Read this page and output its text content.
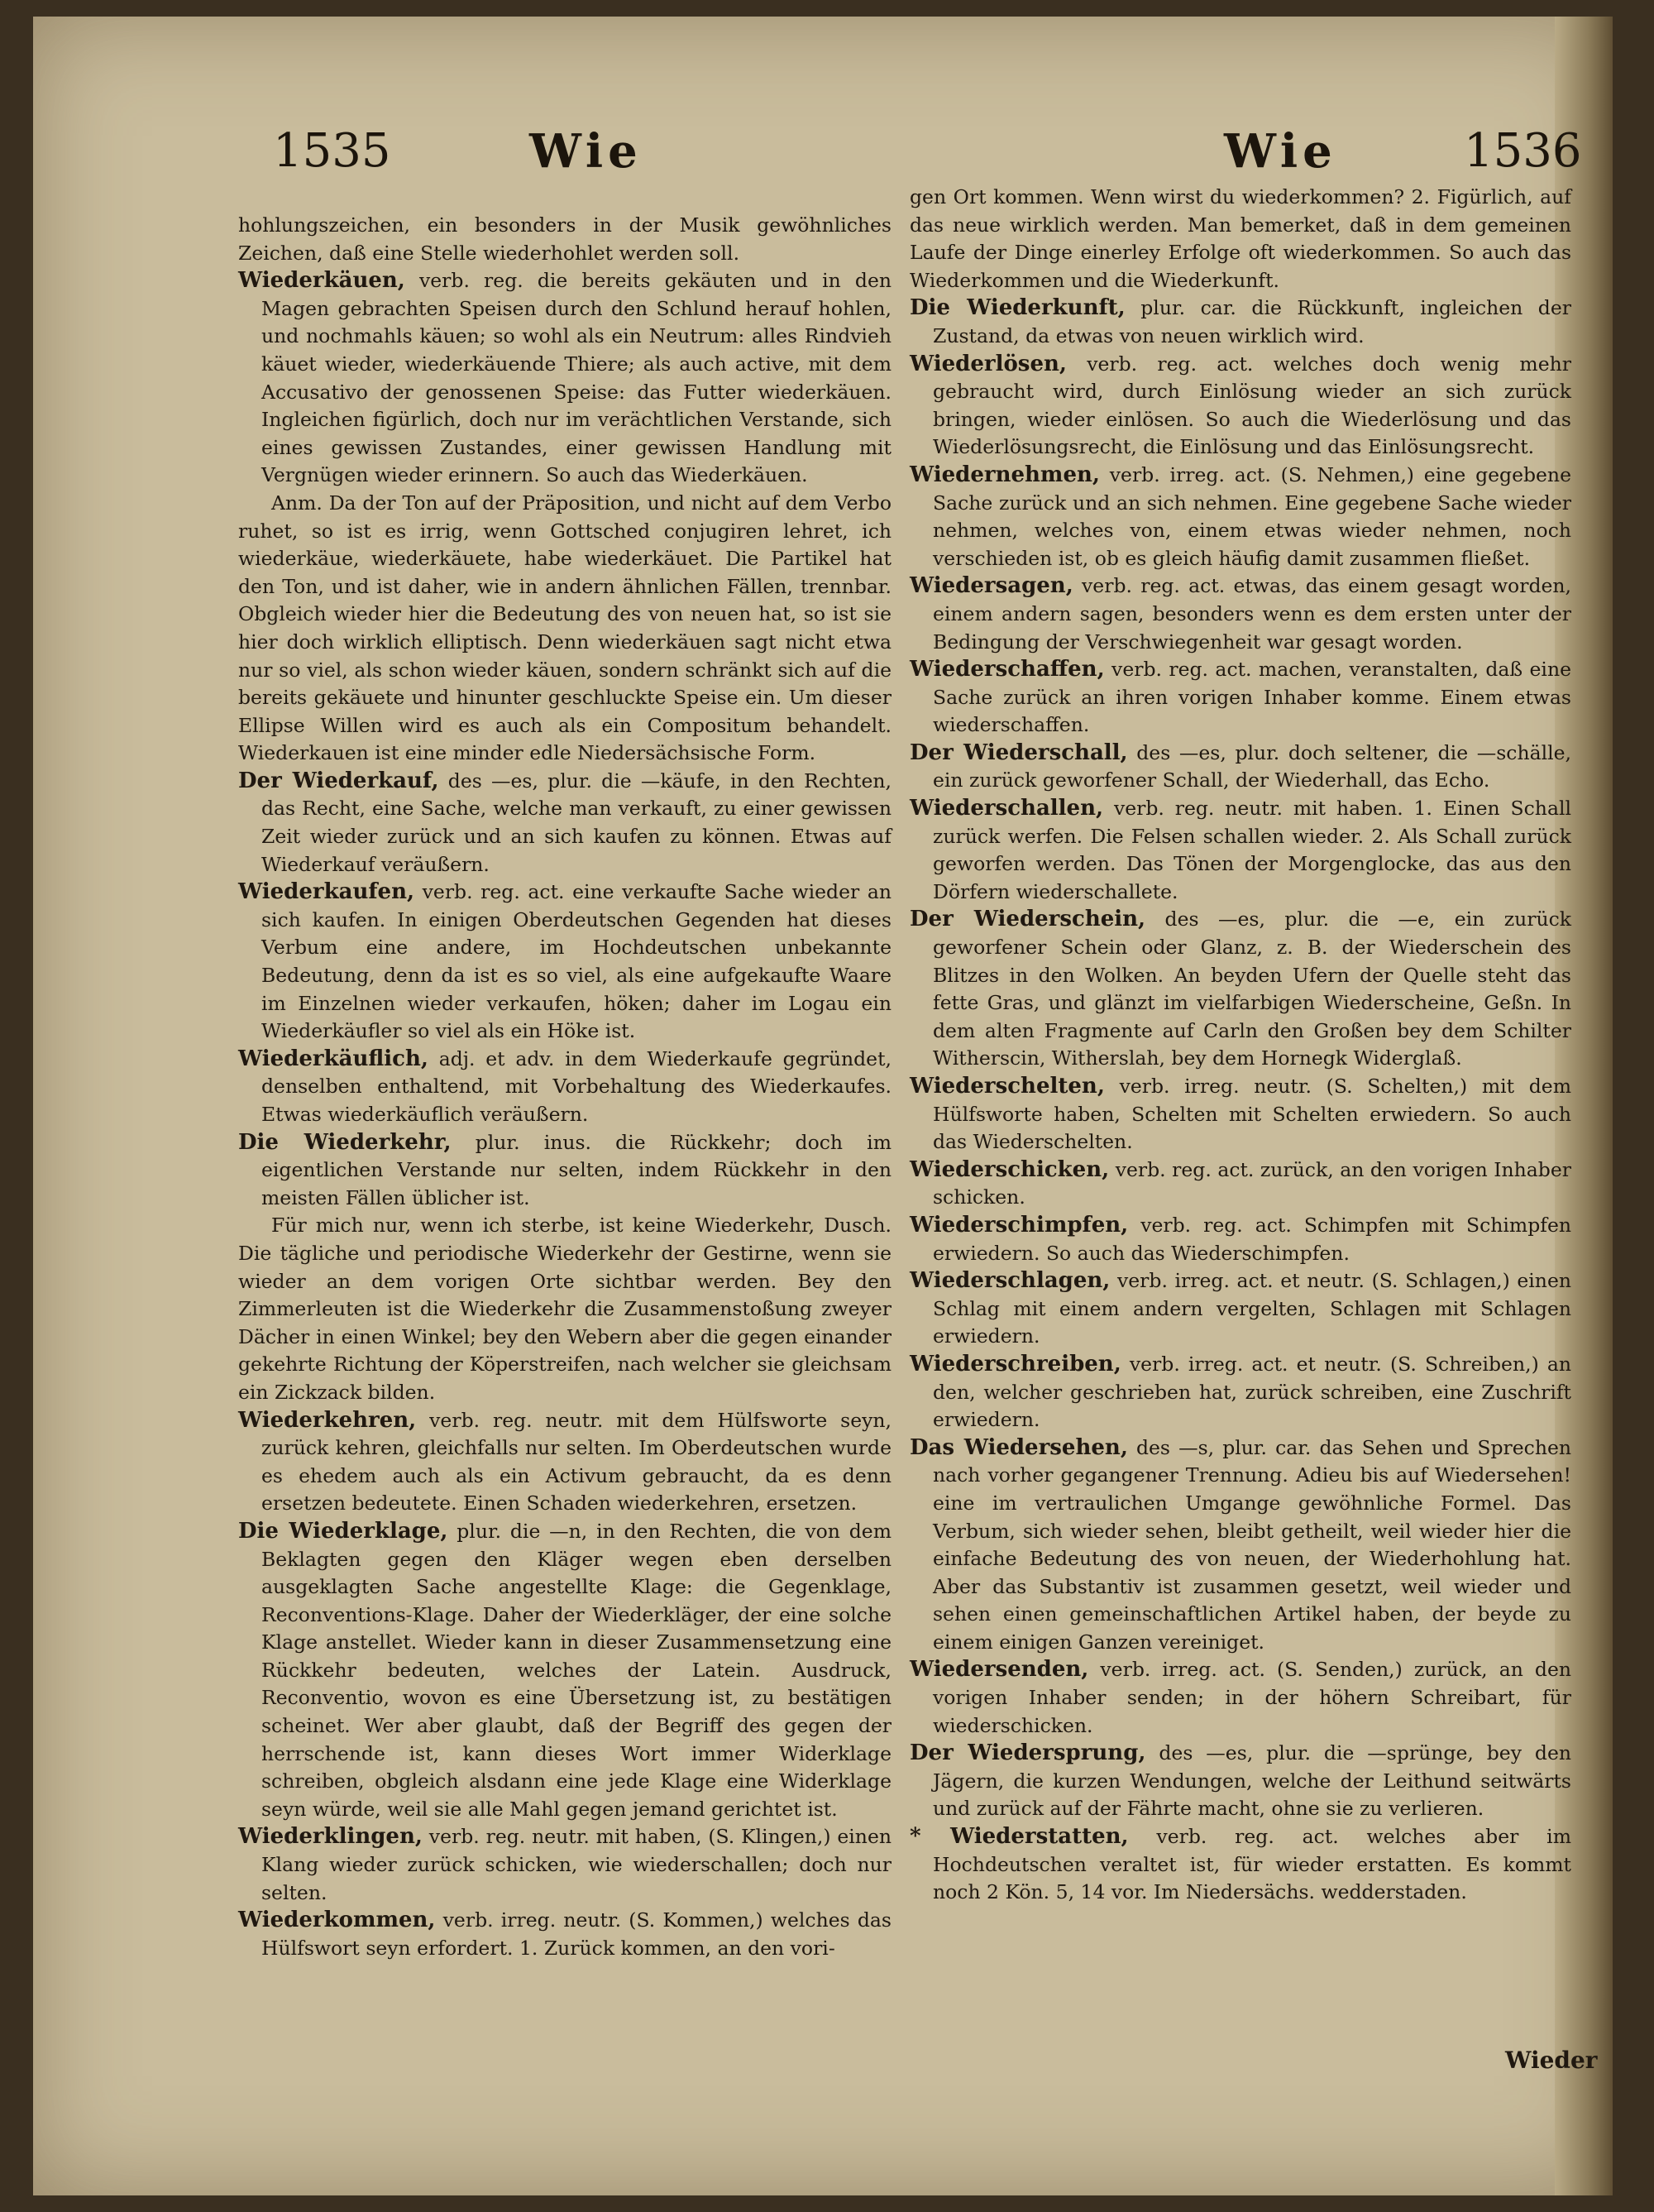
1535	Wie	Wie	1536

hohlungszeichen, ein besonders in der Musik gewöhnliches Zeichen, daß eine Stelle wiederhohlet werden soll.

Wiederkäuen, verb. reg. die bereits gekäuten und in den Magen gebrachten Speisen durch den Schlund herauf hohlen, und nochmahls käuen; so wohl als ein Neutrum: alles Rindvieh käuet wieder, wiederkäuende Thiere; als auch active, mit dem Accusativo der genossenen Speise: das Futter wiederkäuen. Ingleichen figürlich, doch nur im verächtlichen Verstande, sich eines gewissen Zustandes, einer gewissen Handlung mit Vergnügen wieder erinnern. So auch das Wiederkäuen.

Anm. Da der Ton auf der Präposition, und nicht auf dem Verbo ruhet, so ist es irrig, wenn Gottsched conjugiren lehret, ich wiederkäue, wiederkäuete, habe wiederkäuet. Die Partikel hat den Ton, und ist daher, wie in andern ähnlichen Fällen, trennbar. Obgleich wieder hier die Bedeutung des von neuen hat, so ist sie hier doch wirklich elliptisch. Denn wiederkäuen sagt nicht etwa nur so viel, als schon wieder käuen, sondern schränkt sich auf die bereits gekäuete und hinunter geschluckte Speise ein. Um dieser Ellipse Willen wird es auch als ein Compositum behandelt. Wiederkauen ist eine minder edle Niedersächsische Form.

Der Wiederkauf, des —es, plur. die —käufe, in den Rechten, das Recht, eine Sache, welche man verkauft, zu einer gewissen Zeit wieder zurück und an sich kaufen zu können. Etwas auf Wiederkauf veräußern.

Wiederkaufen, verb. reg. act. eine verkaufte Sache wieder an sich kaufen. In einigen Oberdeutschen Gegenden hat dieses Verbum eine andere, im Hochdeutschen unbekannte Bedeutung, denn da ist es so viel, als eine aufgekaufte Waare im Einzelnen wieder verkaufen, höken; daher im Logau ein Wiederkäufler so viel als ein Höke ist.

Wiederkäuflich, adj. et adv. in dem Wiederkaufe gegründet, denselben enthaltend, mit Vorbehaltung des Wiederkaufes. Etwas wiederkäuflich veräußern.

Die Wiederkehr, plur. inus. die Rückkehr; doch im eigentlichen Verstande nur selten, indem Rückkehr in den meisten Fällen üblicher ist.

Für mich nur, wenn ich sterbe, ist keine Wiederkehr, Dusch. Die tägliche und periodische Wiederkehr der Gestirne, wenn sie wieder an dem vorigen Orte sichtbar werden. Bey den Zimmerleuten ist die Wiederkehr die Zusammenstoßung zweyer Dächer in einen Winkel; bey den Webern aber die gegen einander gekehrte Richtung der Köperstreifen, nach welcher sie gleichsam ein Zickzack bilden.

Wiederkehren, verb. reg. neutr. mit dem Hülfsworte seyn, zurück kehren, gleichfalls nur selten. Im Oberdeutschen wurde es ehedem auch als ein Activum gebraucht, da es denn ersetzen bedeutete. Einen Schaden wiederkehren, ersetzen.

Die Wiederklage, plur. die —n, in den Rechten, die von dem Beklagten gegen den Kläger wegen eben derselben ausgeklagten Sache angestellte Klage: die Gegenklage, Reconventions-Klage. Daher der Wiederkläger, der eine solche Klage anstellet. Wieder kann in dieser Zusammensetzung eine Rückkehr bedeuten, welches der Latein. Ausdruck, Reconventio, wovon es eine Übersetzung ist, zu bestätigen scheinet. Wer aber glaubt, daß der Begriff des gegen der herrschende ist, kann dieses Wort immer Widerklage schreiben, obgleich alsdann eine jede Klage eine Widerklage seyn würde, weil sie alle Mahl gegen jemand gerichtet ist.

Wiederklingen, verb. reg. neutr. mit haben, (S. Klingen,) einen Klang wieder zurück schicken, wie wiederschallen; doch nur selten.

Wiederkommen, verb. irreg. neutr. (S. Kommen,) welches das Hülfswort seyn erfordert. 1. Zurück kommen, an den vori-

gen Ort kommen. Wenn wirst du wiederkommen? 2. Figürlich, auf das neue wirklich werden. Man bemerket, daß in dem gemeinen Laufe der Dinge einerley Erfolge oft wiederkommen. So auch das Wiederkommen und die Wiederkunft.

Die Wiederkunft, plur. car. die Rückkunft, ingleichen der Zustand, da etwas von neuen wirklich wird.

Wiederlösen, verb. reg. act. welches doch wenig mehr gebraucht wird, durch Einlösung wieder an sich zurück bringen, wieder einlösen. So auch die Wiederlösung und das Wiederlösungsrecht, die Einlösung und das Einlösungsrecht.

Wiedernehmen, verb. irreg. act. (S. Nehmen,) eine gegebene Sache zurück und an sich nehmen. Eine gegebene Sache wieder nehmen, welches von, einem etwas wieder nehmen, noch verschieden ist, ob es gleich häufig damit zusammen fließet.

Wiedersagen, verb. reg. act. etwas, das einem gesagt worden, einem andern sagen, besonders wenn es dem ersten unter der Bedingung der Verschwiegenheit war gesagt worden.

Wiederschaffen, verb. reg. act. machen, veranstalten, daß eine Sache zurück an ihren vorigen Inhaber komme. Einem etwas wiederschaffen.

Der Wiederschall, des —es, plur. doch seltener, die —schälle, ein zurück geworfener Schall, der Wiederhall, das Echo.

Wiederschallen, verb. reg. neutr. mit haben. 1. Einen Schall zurück werfen. Die Felsen schallen wieder. 2. Als Schall zurück geworfen werden. Das Tönen der Morgenglocke, das aus den Dörfern wiederschallete.

Der Wiederschein, des —es, plur. die —e, ein zurück geworfener Schein oder Glanz, z. B. der Wiederschein des Blitzes in den Wolken. An beyden Ufern der Quelle steht das fette Gras, und glänzt im vielfarbigen Wiederscheine, Geßn. In dem alten Fragmente auf Carln den Großen bey dem Schilter Witherscin, Witherslah, bey dem Hornegk Widerglaß.

Wiederschelten, verb. irreg. neutr. (S. Schelten,) mit dem Hülfsworte haben, Schelten mit Schelten erwiedern. So auch das Wiederschelten.

Wiederschicken, verb. reg. act. zurück, an den vorigen Inhaber schicken.

Wiederschimpfen, verb. reg. act. Schimpfen mit Schimpfen erwiedern. So auch das Wiederschimpfen.

Wiederschlagen, verb. irreg. act. et neutr. (S. Schlagen,) einen Schlag mit einem andern vergelten, Schlagen mit Schlagen erwiedern.

Wiederschreiben, verb. irreg. act. et neutr. (S. Schreiben,) an den, welcher geschrieben hat, zurück schreiben, eine Zuschrift erwiedern.

Das Wiedersehen, des —s, plur. car. das Sehen und Sprechen nach vorher gegangener Trennung. Adieu bis auf Wiedersehen! eine im vertraulichen Umgange gewöhnliche Formel. Das Verbum, sich wieder sehen, bleibt getheilt, weil wieder hier die einfache Bedeutung des von neuen, der Wiederhohlung hat. Aber das Substantiv ist zusammen gesetzt, weil wieder und sehen einen gemeinschaftlichen Artikel haben, der beyde zu einem einigen Ganzen vereiniget.

Wiedersenden, verb. irreg. act. (S. Senden,) zurück, an den vorigen Inhaber senden; in der höhern Schreibart, für wiederschicken.

Der Wiedersprung, des —es, plur. die —sprünge, bey den Jägern, die kurzen Wendungen, welche der Leithund seitwärts und zurück auf der Fährte macht, ohne sie zu verlieren.

* Wiederstatten, verb. reg. act. welches aber im Hochdeutschen veraltet ist, für wieder erstatten. Es kommt noch 2 Kön. 5, 14 vor. Im Niedersächs. wedderstaden.

Wieder
